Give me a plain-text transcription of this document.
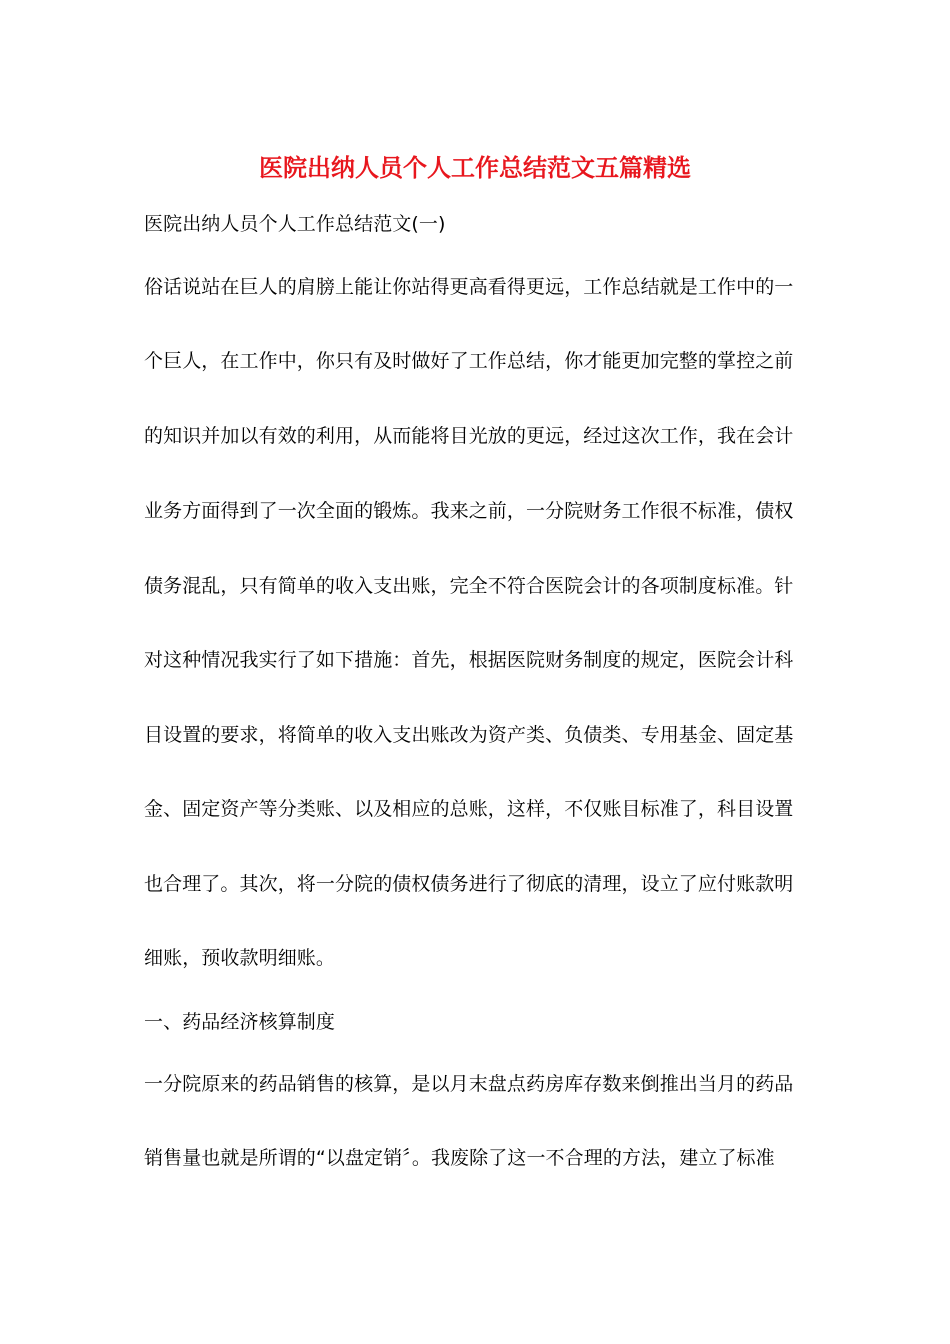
医院出纳人员个人工作总结范文五篇精选
医院出纳人员个人工作总结范文(一)
俗话说站在巨人的肩膀上能让你站得更高看得更远，工作总结就是工作中的一
个巨人，在工作中，你只有及时做好了工作总结，你才能更加完整的掌控之前
的知识并加以有效的利用，从而能将目光放的更远，经过这次工作，我在会计
业务方面得到了一次全面的锻炼。我来之前，一分院财务工作很不标准，债权
债务混乱，只有简单的收入支出账，完全不符合医院会计的各项制度标准。针
对这种情况我实行了如下措施：首先，根据医院财务制度的规定，医院会计科
目设置的要求，将简单的收入支出账改为资产类、负债类、专用基金、固定基
金、固定资产等分类账、以及相应的总账，这样，不仅账目标准了，科目设置
也合理了。其次，将一分院的债权债务进行了彻底的清理，设立了应付账款明
细账，预收款明细账。
一、药品经济核算制度
一分院原来的药品销售的核算，是以月末盘点药房库存数来倒推出当月的药品
销售量也就是所谓的“以盘定销〞。我废除了这一不合理的方法，建立了标准
